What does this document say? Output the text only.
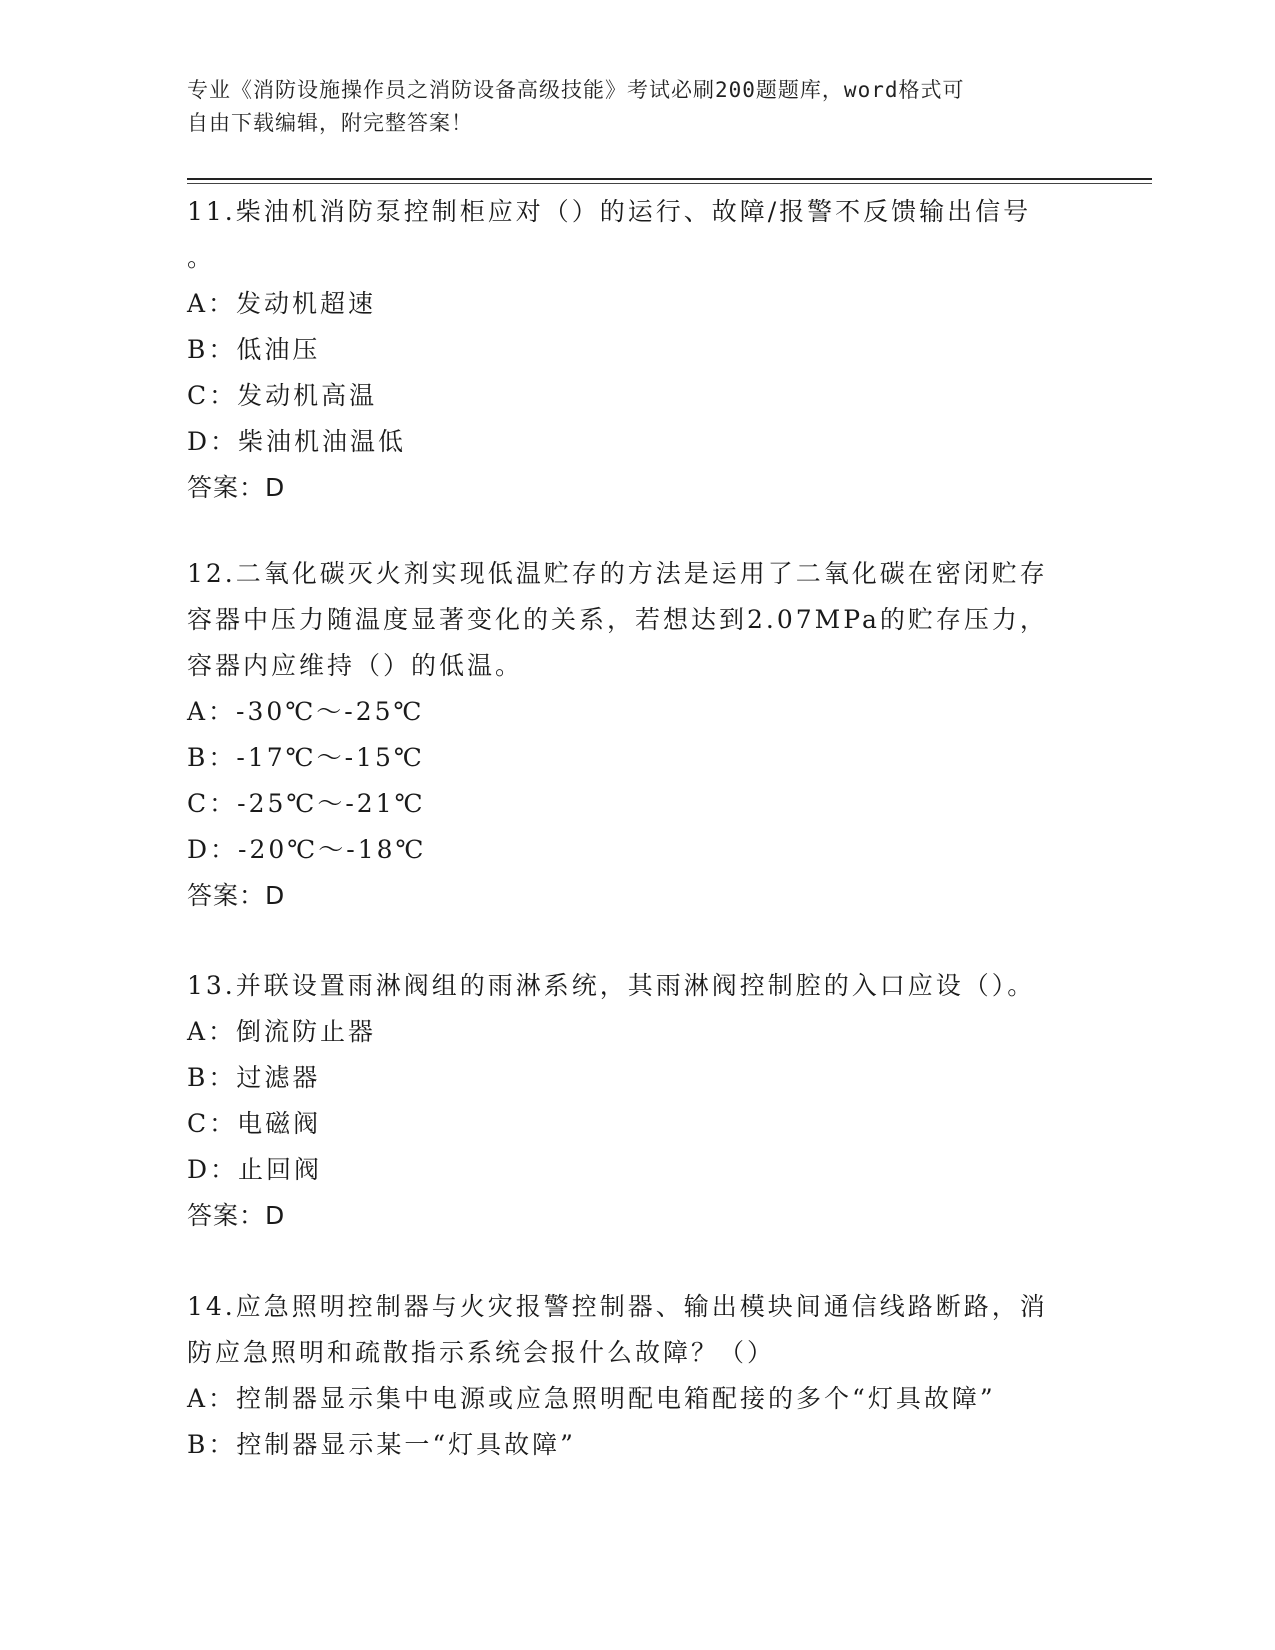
专业《消防设施操作员之消防设备高级技能》考试必刷200题题库，word格式可
自由下载编辑，附完整答案！
11.柴油机消防泵控制柜应对（）的运行、故障/报警不反馈输出信号
。
A：发动机超速
B：低油压
C：发动机高温
D：柴油机油温低
答案：D
12.二氧化碳灭火剂实现低温贮存的方法是运用了二氧化碳在密闭贮存
容器中压力随温度显著变化的关系，若想达到2.07MPa的贮存压力，
容器内应维持（）的低温。
A：-30℃～-25℃
B：-17℃～-15℃
C：-25℃～-21℃
D：-20℃～-18℃
答案：D
13.并联设置雨淋阀组的雨淋系统，其雨淋阀控制腔的入口应设（）。
A：倒流防止器
B：过滤器
C：电磁阀
D：止回阀
答案：D
14.应急照明控制器与火灾报警控制器、输出模块间通信线路断路，消
防应急照明和疏散指示系统会报什么故障？（）
A：控制器显示集中电源或应急照明配电箱配接的多个“灯具故障”
B：控制器显示某一“灯具故障”
